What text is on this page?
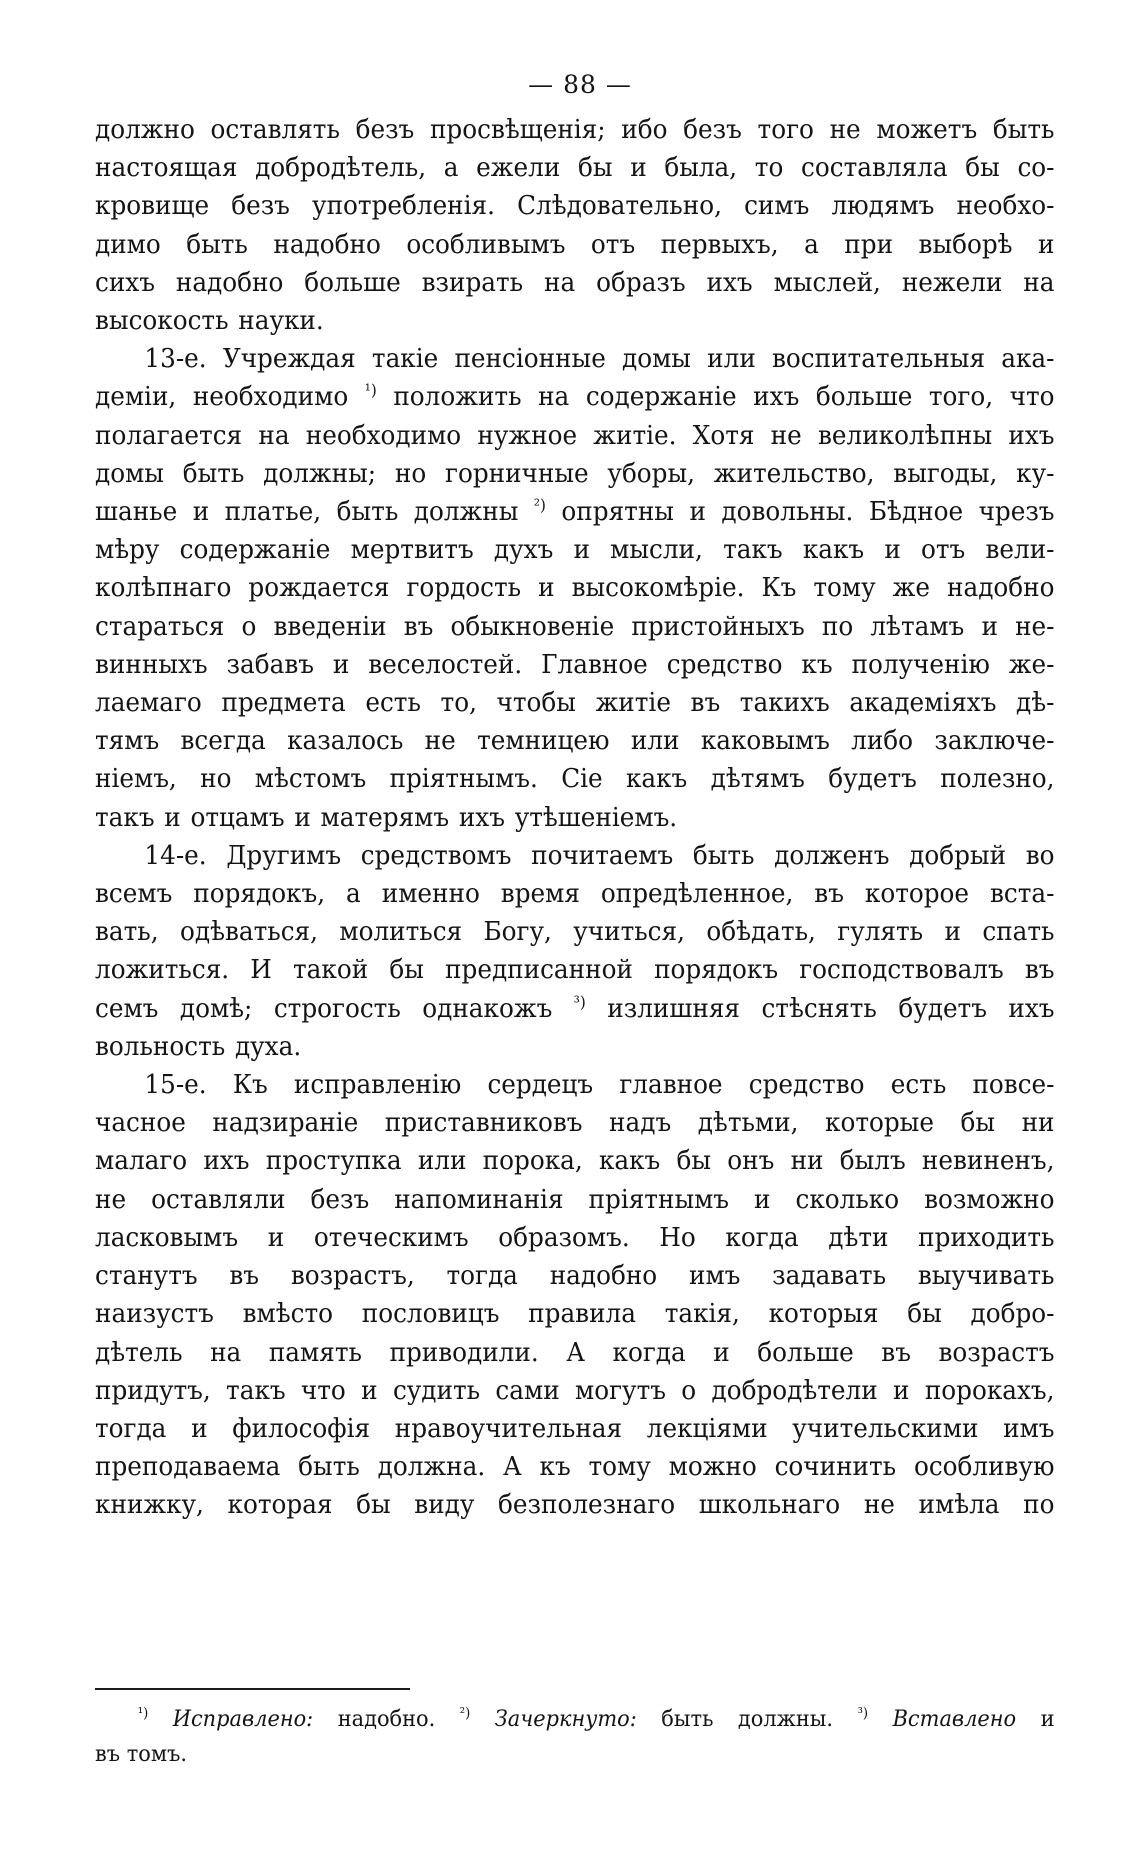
— 88 —

должно оставлять безъ просвѣщенія; ибо безъ того не можетъ быть

настоящая добродѣтель, а ежели бы и была, то составляла бы со-

кровище безъ употребленія. Слѣдовательно, симъ людямъ необхо-

димо быть надобно особливымъ отъ первыхъ, а при выборѣ и

сихъ надобно больше взирать на образъ ихъ мыслей, нежели на

высокость науки.

13-е. Учреждая такіе пенсіонные домы или воспитательныя ака-

деміи, необходимо $^{^1)}$ положить на содержаніе ихъ больше того, что

полагается на необходимо нужное житіе. Хотя не великолѣпны ихъ

домы быть должны; но горничные уборы, жительство, выгоды, ку-

шанье и платье, быть должны $^{^2)}$ опрятны и довольны. Бѣдное чрезъ

мѣру содержаніе мертвитъ духъ и мысли, такъ какъ и отъ вели-

колѣпнаго рождается гордость и высокомѣріе. Къ тому же надобно

стараться о введеніи въ обыкновеніе пристойныхъ по лѣтамъ и не-

винныхъ забавъ и веселостей. Главное средство къ полученію же-

лаемаго предмета есть то, чтобы житіе въ такихъ академіяхъ дѣ-

тямъ всегда казалось не темницею или каковымъ либо заключе-

ніемъ, но мѣстомъ пріятнымъ. Сіе какъ дѣтямъ будетъ полезно,

такъ и отцамъ и матерямъ ихъ утѣшеніемъ.

14-е. Другимъ средствомъ почитаемъ быть долженъ добрый во

всемъ порядокъ, а именно время опредѣленное, въ которое вста-

вать, одѣваться, молиться Богу, учиться, обѣдать, гулять и спать

ложиться. И такой бы предписанной порядокъ господствовалъ въ

семъ домѣ; строгость однакожъ $^{^3)}$ излишняя стѣснять будетъ ихъ

вольность духа.

15-е. Къ исправленію сердецъ главное средство есть повсе-

часное надзираніе приставниковъ надъ дѣтьми, которые бы ни

малаго ихъ проступка или порока, какъ бы онъ ни былъ невиненъ,

не оставляли безъ напоминанія пріятнымъ и сколько возможно

ласковымъ и отеческимъ образомъ. Но когда дѣти приходить

станутъ въ возрастъ, тогда надобно имъ задавать выучивать

наизустъ вмѣсто пословицъ правила такія, которыя бы добро-

дѣтель на память приводили. А когда и больше въ возрастъ

придутъ, такъ что и судить сами могутъ о добродѣтели и порокахъ,

тогда и философія нравоучительная лекціями учительскими имъ

преподаваема быть должна. А къ тому можно сочинить особливую

книжку, которая бы виду безполезнаго школьнаго не имѣла по

$^{^1)}$ Исправлено: надобно. $^{^2)}$ Зачеркнуто: быть должны. $^{^3)}$ Вставлено и
въ томъ.
